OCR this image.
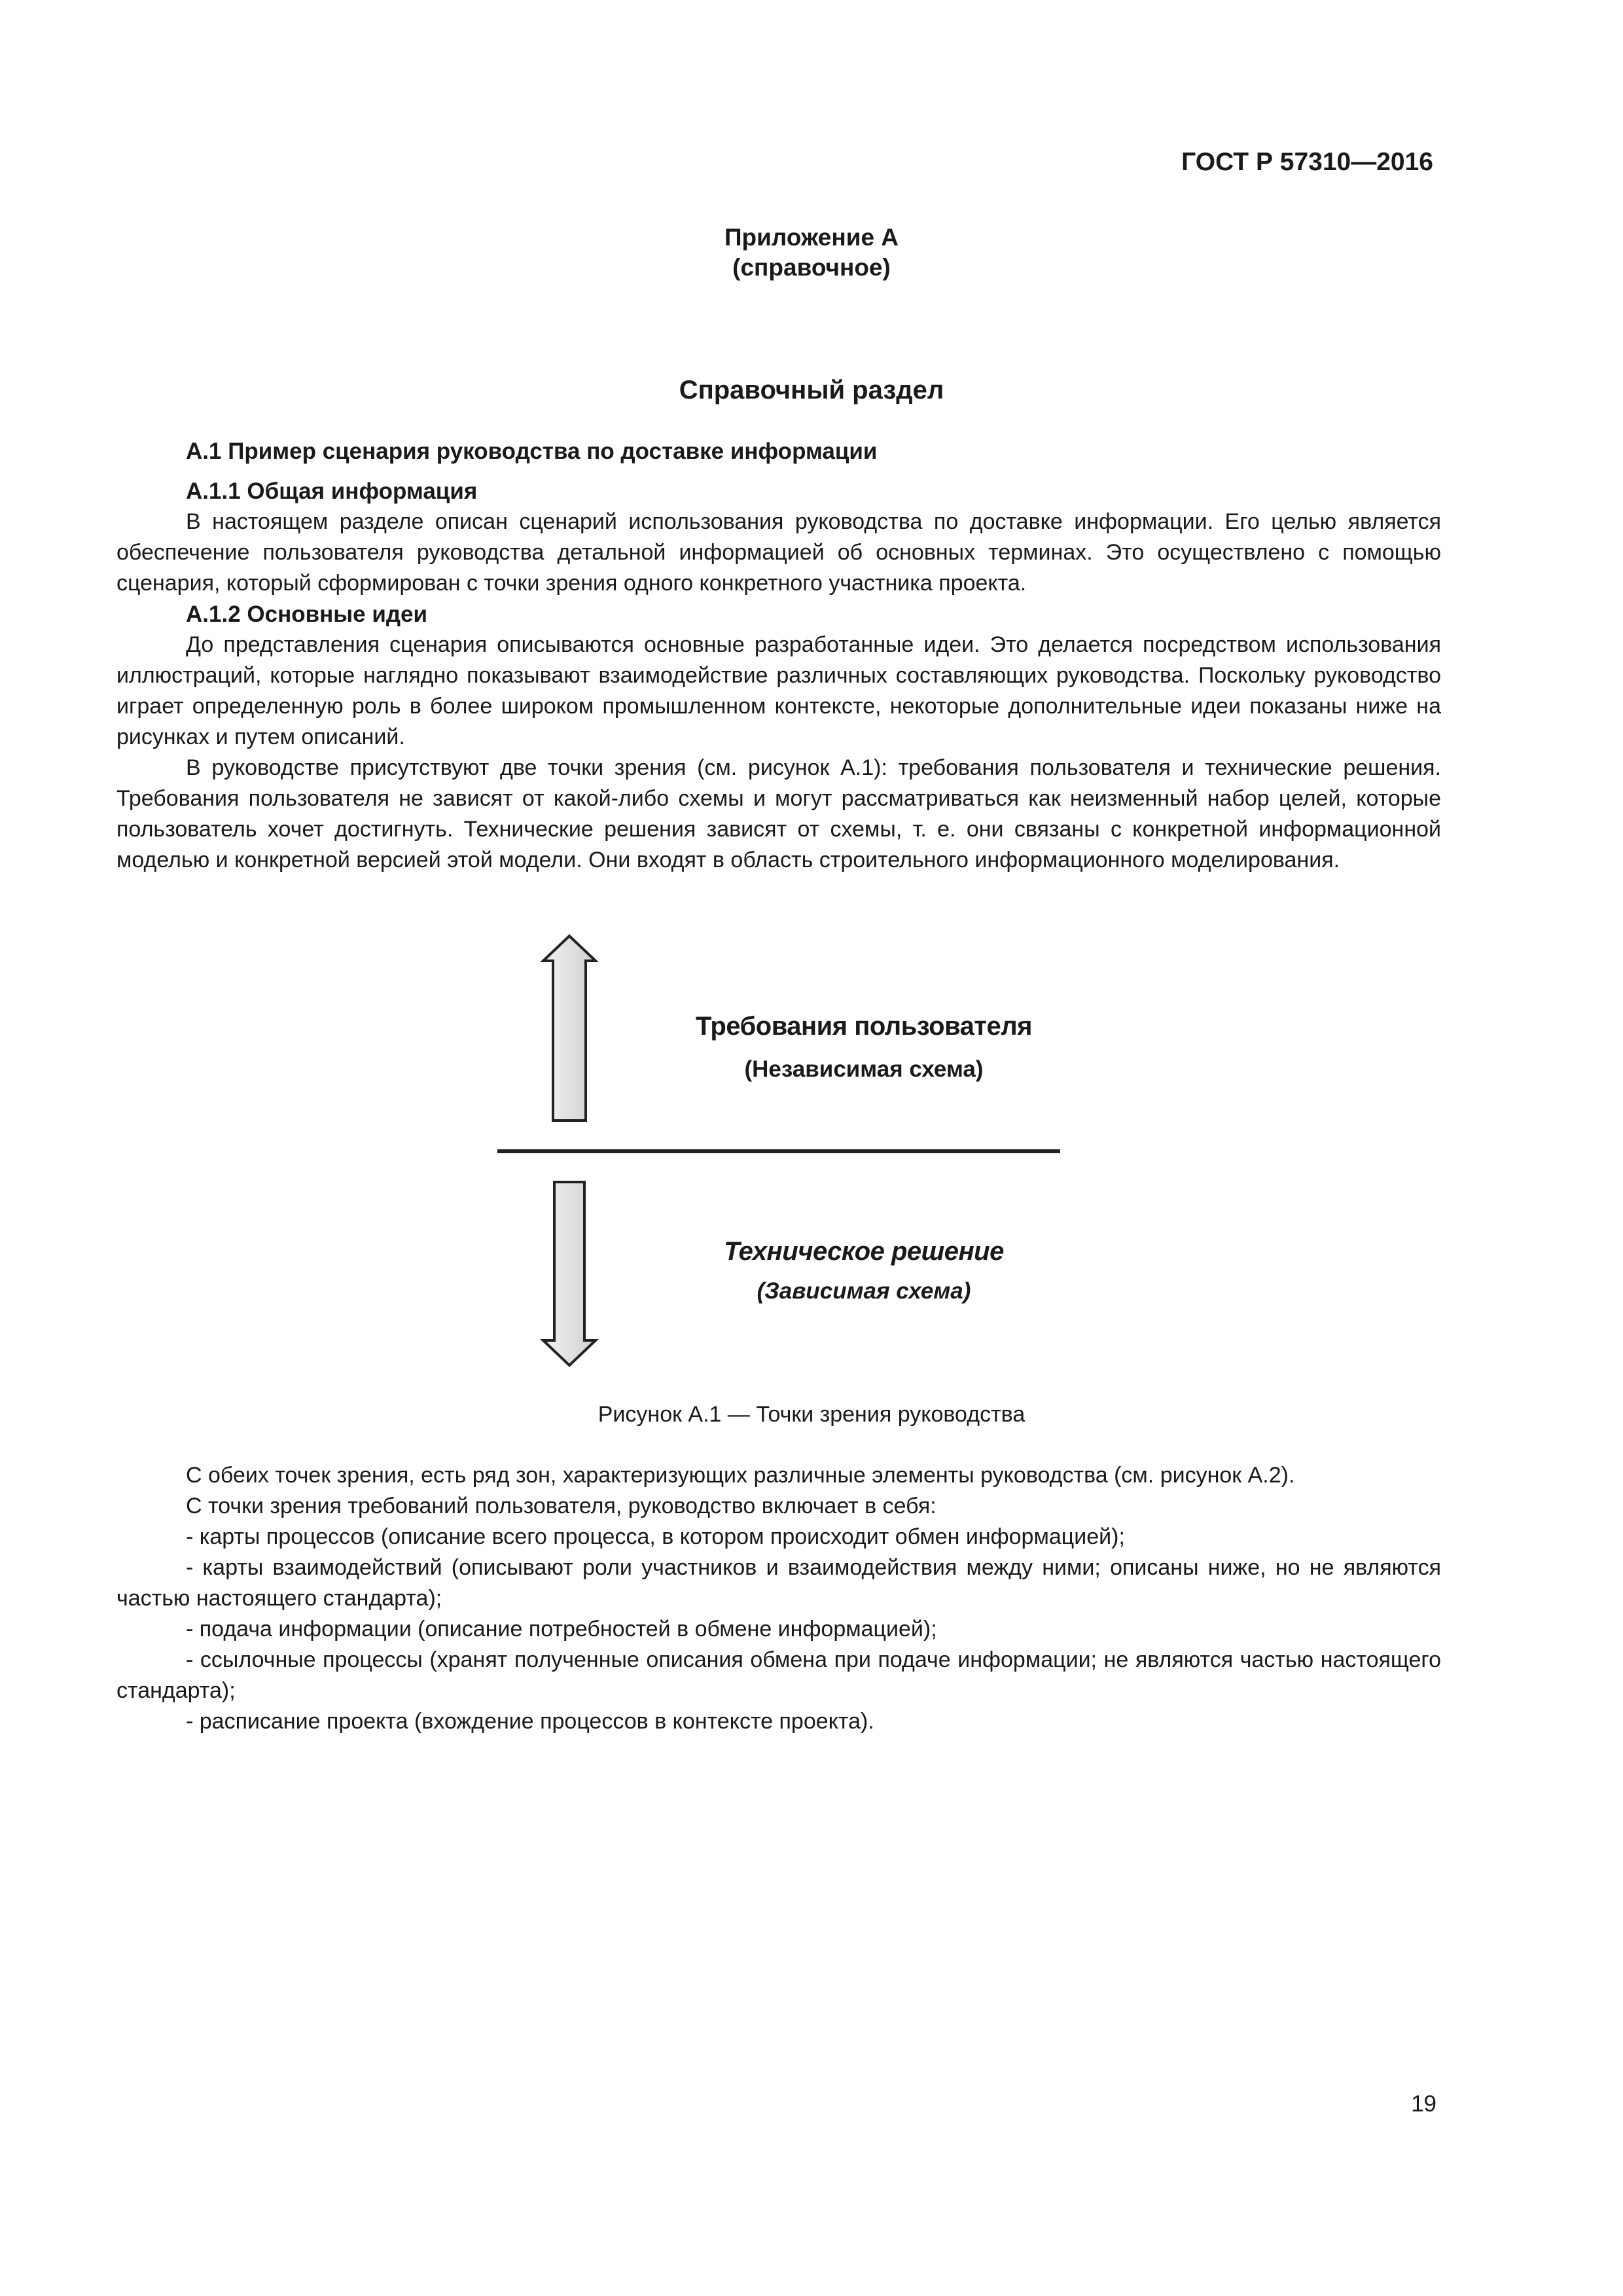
ГОСТ Р 57310—2016
Приложение А
(справочное)
Справочный раздел
А.1 Пример сценария руководства по доставке информации
А.1.1 Общая информация

В настоящем разделе описан сценарий использования руководства по доставке информации. Его целью является обеспечение пользователя руководства детальной информацией об основных терминах. Это осуществлено с помощью сценария, который сформирован с точки зрения одного конкретного участника проекта.

А.1.2 Основные идеи

До представления сценария описываются основные разработанные идеи. Это делается посредством использования иллюстраций, которые наглядно показывают взаимодействие различных составляющих руководства. Поскольку руководство играет определенную роль в более широком промышленном контексте, некоторые дополнительные идеи показаны ниже на рисунках и путем описаний.

В руководстве присутствуют две точки зрения (см. рисунок А.1): требования пользователя и технические решения. Требования пользователя не зависят от какой-либо схемы и могут рассматриваться как неизменный набор целей, которые пользователь хочет достигнуть. Технические решения зависят от схемы, т. е. они связаны с конкретной информационной моделью и конкретной версией этой модели. Они входят в область строительного информационного моделирования.

Требования пользователя
(Независимая схема)
Техническое решение
(Зависимая схема)
Рисунок А.1 — Точки зрения руководства

С обеих точек зрения, есть ряд зон, характеризующих различные элементы руководства (см. рисунок А.2).

С точки зрения требований пользователя, руководство включает в себя:

- карты процессов (описание всего процесса, в котором происходит обмен информацией);

- карты взаимодействий (описывают роли участников и взаимодействия между ними; описаны ниже, но не являются частью настоящего стандарта);

- подача информации (описание потребностей в обмене информацией);

- ссылочные процессы (хранят полученные описания обмена при подаче информации; не являются частью настоящего стандарта);

- расписание проекта (вхождение процессов в контексте проекта).

19
